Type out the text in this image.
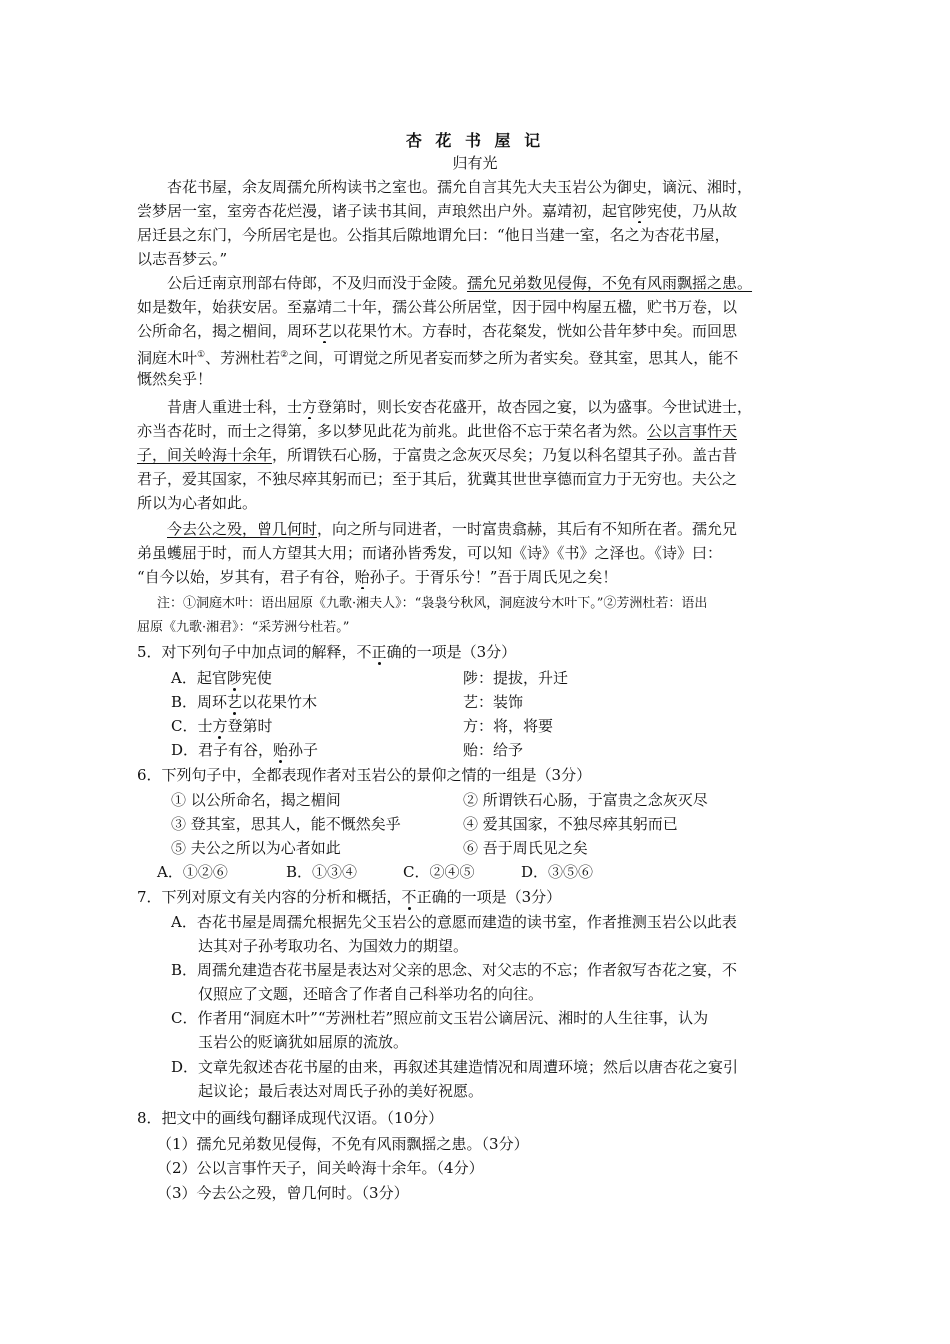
杏 花 书 屋 记
归有光
杏花书屋，余友周孺允所构读书之室也。孺允自言其先大夫玉岩公为御史，谪沅、湘时，
尝梦居一室，室旁杏花烂漫，诸子读书其间，声琅然出户外。嘉靖初，起官陟宪使，乃从故
居迁县之东门，今所居宅是也。公指其后隙地谓允曰：“他日当建一室，名之为杏花书屋，
以志吾梦云。”
公后迁南京刑部右侍郎，不及归而没于金陵。孺允兄弟数见侵侮，不免有风雨飘摇之患。
如是数年，始获安居。至嘉靖二十年，孺公葺公所居堂，因于园中构屋五楹，贮书万卷，以
公所命名，揭之楣间，周环艺以花果竹木。方春时，杏花粲发，恍如公昔年梦中矣。而回思
洞庭木叶①、芳洲杜若②之间，可谓觉之所见者妄而梦之所为者实矣。登其室，思其人，能不
慨然矣乎！
昔唐人重进士科，士方登第时，则长安杏花盛开，故杏园之宴，以为盛事。今世试进士，
亦当杏花时，而士之得第，多以梦见此花为前兆。此世俗不忘于荣名者为然。公以言事忤天
子，间关岭海十余年，所谓铁石心肠，于富贵之念灰灭尽矣；乃复以科名望其子孙。盖古昔
君子，爱其国家，不独尽瘁其躬而已；至于其后，犹冀其世世享德而宣力于无穷也。夫公之
所以为心者如此。
今去公之殁，曾几何时，向之所与同进者，一时富贵翕赫，其后有不知所在者。孺允兄
弟虽蠖屈于时，而人方望其大用；而诸孙皆秀发，可以知《诗》《书》之泽也。《诗》曰：
“自今以始，岁其有，君子有谷，贻孙子。于胥乐兮！”吾于周氏见之矣！
注：①洞庭木叶：语出屈原《九歌·湘夫人》：“袅袅兮秋风，洞庭波兮木叶下。”②芳洲杜若：语出
屈原《九歌·湘君》：“采芳洲兮杜若。”
5．对下列句子中加点词的解释，不正确的一项是（3分）
A．起官陟宪使	陟：提拔，升迁
B．周环艺以花果竹木	艺：装饰
C．士方登第时	方：将，将要
D．君子有谷，贻孙子	贻：给予
6．下列句子中，全都表现作者对玉岩公的景仰之情的一组是（3分）
① 以公所命名，揭之楣间	② 所谓铁石心肠，于富贵之念灰灭尽
③ 登其室，思其人，能不慨然矣乎	④ 爱其国家，不独尽瘁其躬而已
⑤ 夫公之所以为心者如此	⑥ 吾于周氏见之矣
A．①②⑥	B．①③④	C．②④⑤	D．③⑤⑥
7．下列对原文有关内容的分析和概括，不正确的一项是（3分）
A．杏花书屋是周孺允根据先父玉岩公的意愿而建造的读书室，作者推测玉岩公以此表
达其对子孙考取功名、为国效力的期望。
B．周孺允建造杏花书屋是表达对父亲的思念、对父志的不忘；作者叙写杏花之宴，不
仅照应了文题，还暗含了作者自己科举功名的向往。
C．作者用“洞庭木叶”“芳洲杜若”照应前文玉岩公谪居沅、湘时的人生往事，认为
玉岩公的贬谪犹如屈原的流放。
D．文章先叙述杏花书屋的由来，再叙述其建造情况和周遭环境；然后以唐杏花之宴引
起议论；最后表达对周氏子孙的美好祝愿。
8．把文中的画线句翻译成现代汉语。（10分）
（1）孺允兄弟数见侵侮，不免有风雨飘摇之患。（3分）
（2）公以言事忤天子，间关岭海十余年。（4分）
（3）今去公之殁，曾几何时。（3分）
